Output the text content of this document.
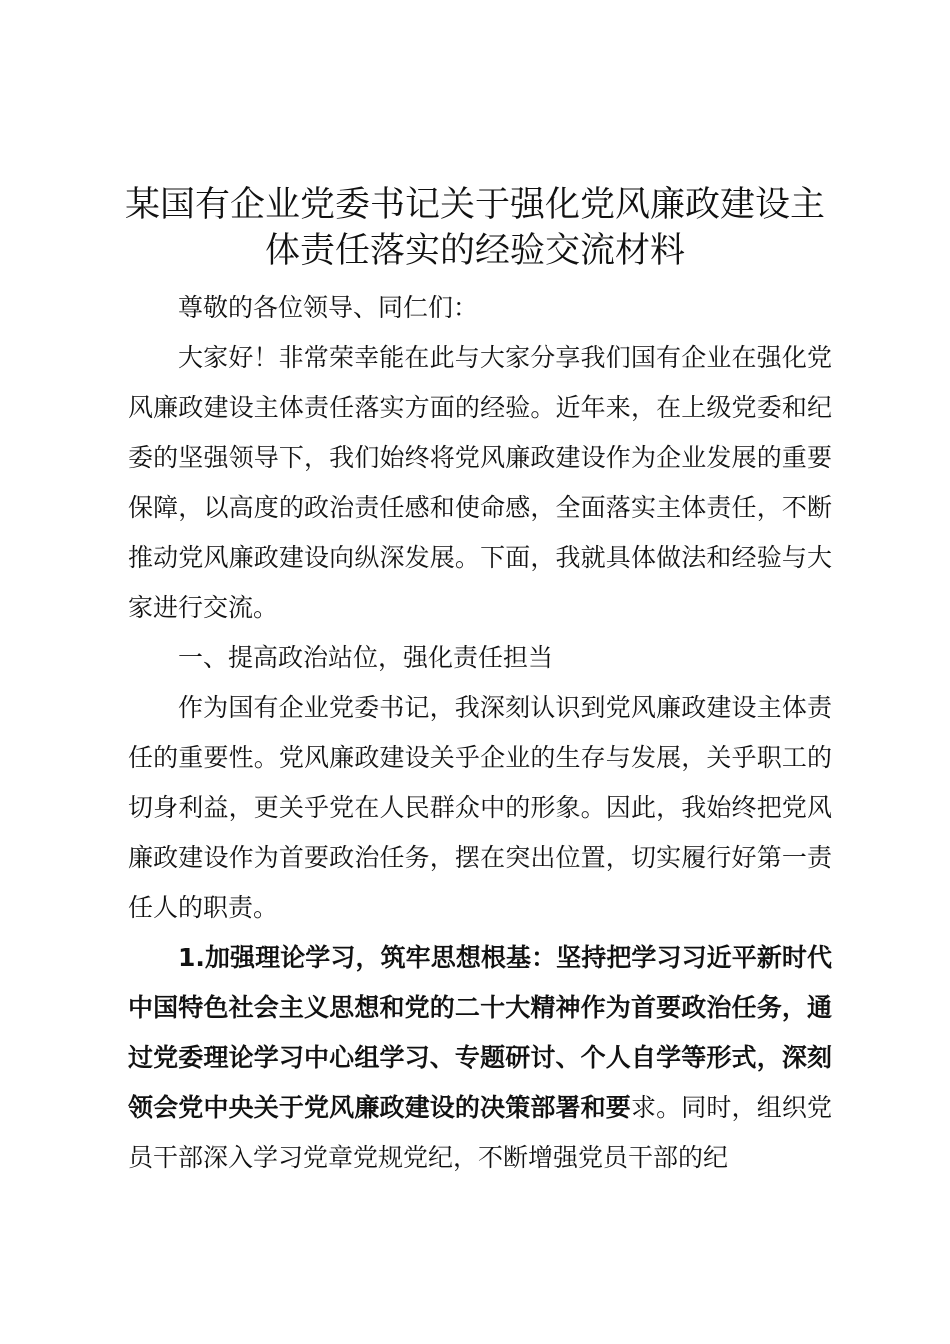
某国有企业党委书记关于强化党风廉政建设主
体责任落实的经验交流材料

尊敬的各位领导、同仁们：

大家好！非常荣幸能在此与大家分享我们国有企业在强化党风廉政建设主体责任落实方面的经验。近年来，在上级党委和纪委的坚强领导下，我们始终将党风廉政建设作为企业发展的重要保障，以高度的政治责任感和使命感，全面落实主体责任，不断推动党风廉政建设向纵深发展。下面，我就具体做法和经验与大家进行交流。

一、提高政治站位，强化责任担当

作为国有企业党委书记，我深刻认识到党风廉政建设主体责任的重要性。党风廉政建设关乎企业的生存与发展，关乎职工的切身利益，更关乎党在人民群众中的形象。因此，我始终把党风廉政建设作为首要政治任务，摆在突出位置，切实履行好第一责任人的职责。

1.加强理论学习，筑牢思想根基：坚持把学习习近平新时代中国特色社会主义思想和党的二十大精神作为首要政治任务，通过党委理论学习中心组学习、专题研讨、个人自学等形式，深刻领会党中央关于党风廉政建设的决策部署和要求。同时，组织党员干部深入学习党章党规党纪，不断增强党员干部的纪
